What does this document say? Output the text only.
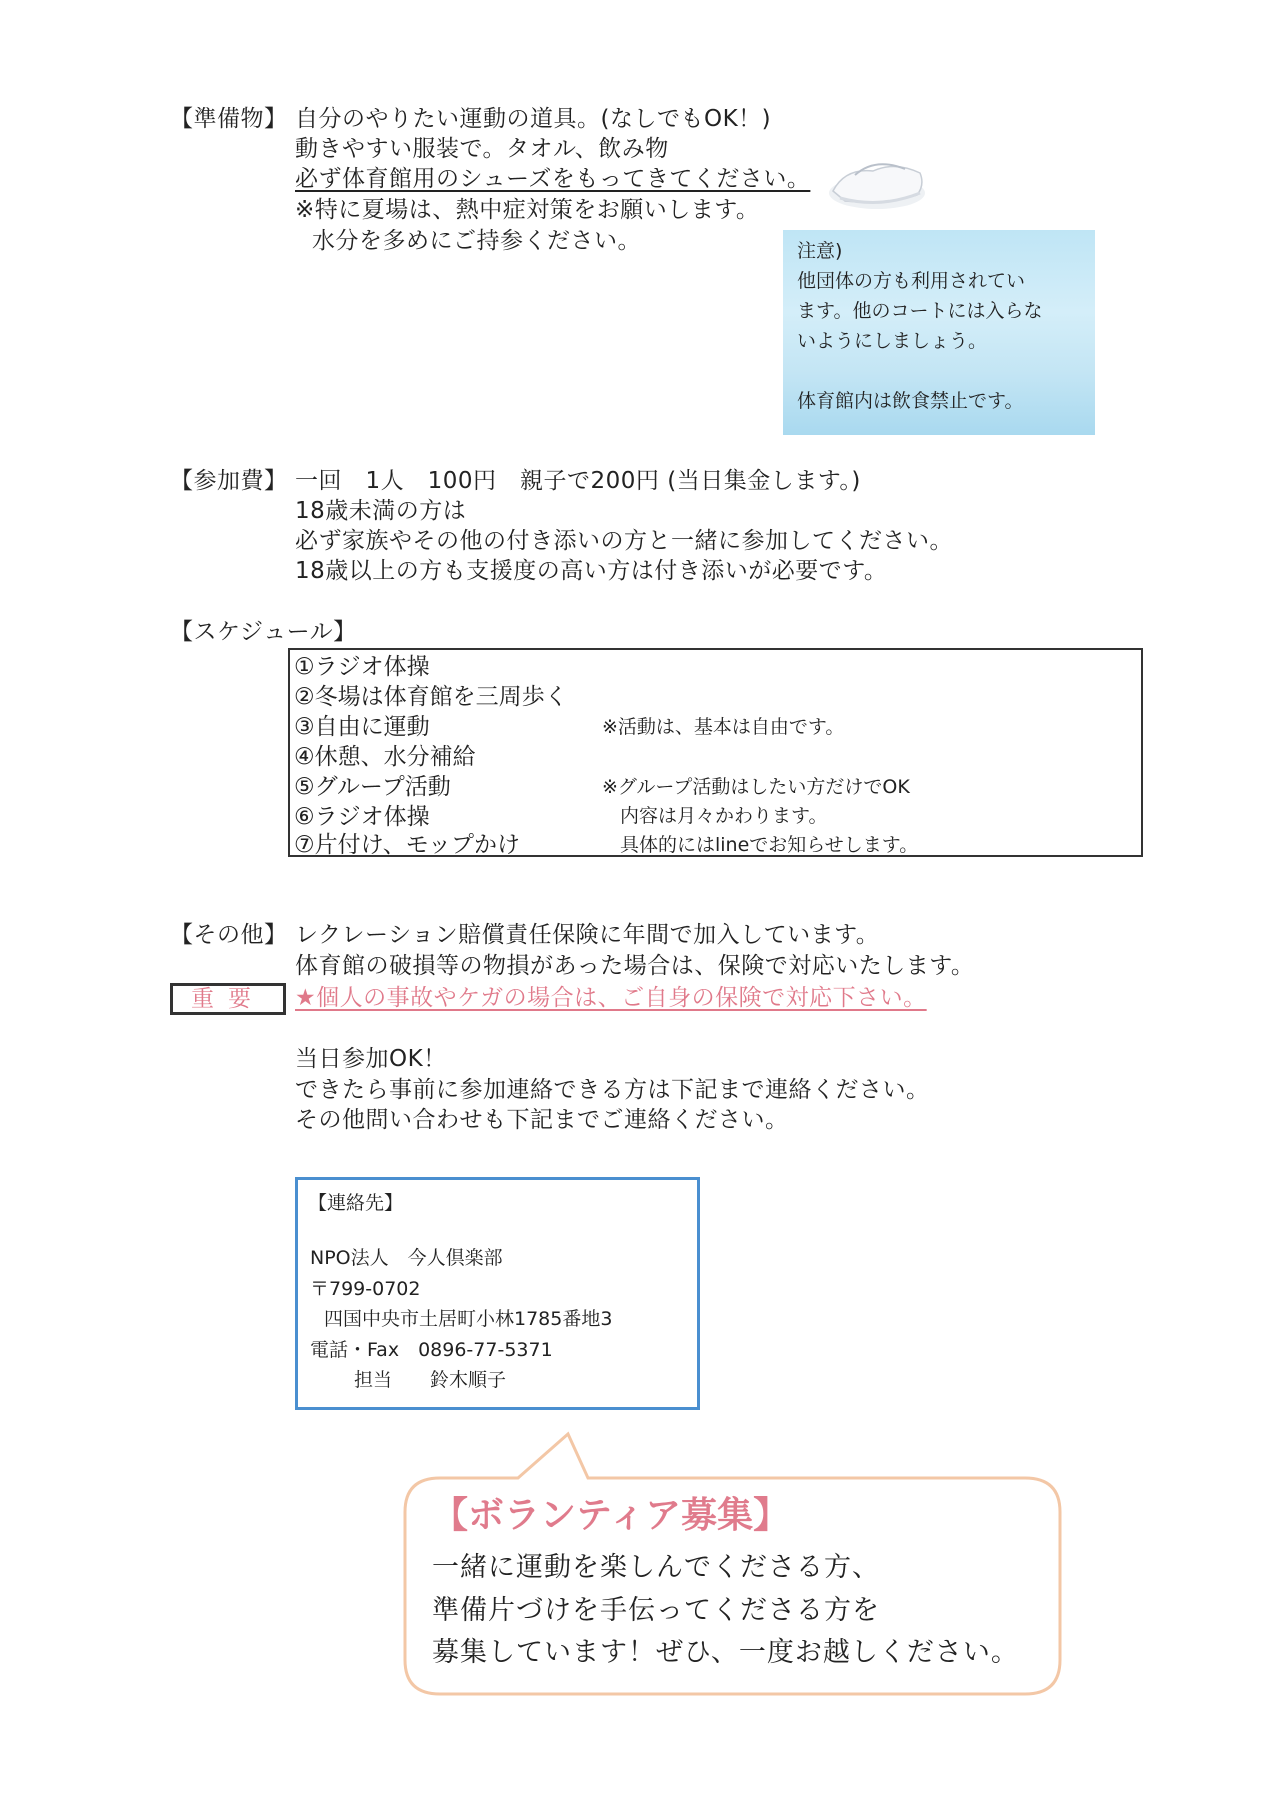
【準備物】 自分のやりたい運動の道具。(なしでもOK！)
動きやすい服装で。タオル、飲み物
必ず体育館用のシューズをもってきてください。
※特に夏場は、熱中症対策をお願いします。
水分を多めにご持参ください。	注意)
他団体の方も利用されてい
ます。他のコートには入らな
いようにしましょう。
体育館内は飲食禁止です。
【参加費】 一回　1人　100円　親子で200円 (当日集金します。)
18歳未満の方は
必ず家族やその他の付き添いの方と一緒に参加してください。
18歳以上の方も支援度の高い方は付き添いが必要です。
【スケジュール】
①ラジオ体操
②冬場は体育館を三周歩く
③自由に運動
④休憩、水分補給
⑤グループ活動
⑥ラジオ体操
⑦片付け、モップかけ
※活動は、基本は自由です。
※グループ活動はしたい方だけでOK
内容は月々かわります。
具体的にはlineでお知らせします。
【その他】 レクレーション賠償責任保険に年間で加入しています。
体育館の破損等の物損があった場合は、保険で対応いたします。
重要	★個人の事故やケガの場合は、ご自身の保険で対応下さい。
当日参加OK！
できたら事前に参加連絡できる方は下記まで連絡ください。
その他問い合わせも下記までご連絡ください。
【連絡先】
NPO法人　今人倶楽部
〒799-0702
四国中央市土居町小林1785番地3
電話・Fax　0896-77-5371
担当　　鈴木順子
【ボランティア募集】
一緒に運動を楽しんでくださる方、
準備片づけを手伝ってくださる方を
募集しています！ぜひ、一度お越しください。
